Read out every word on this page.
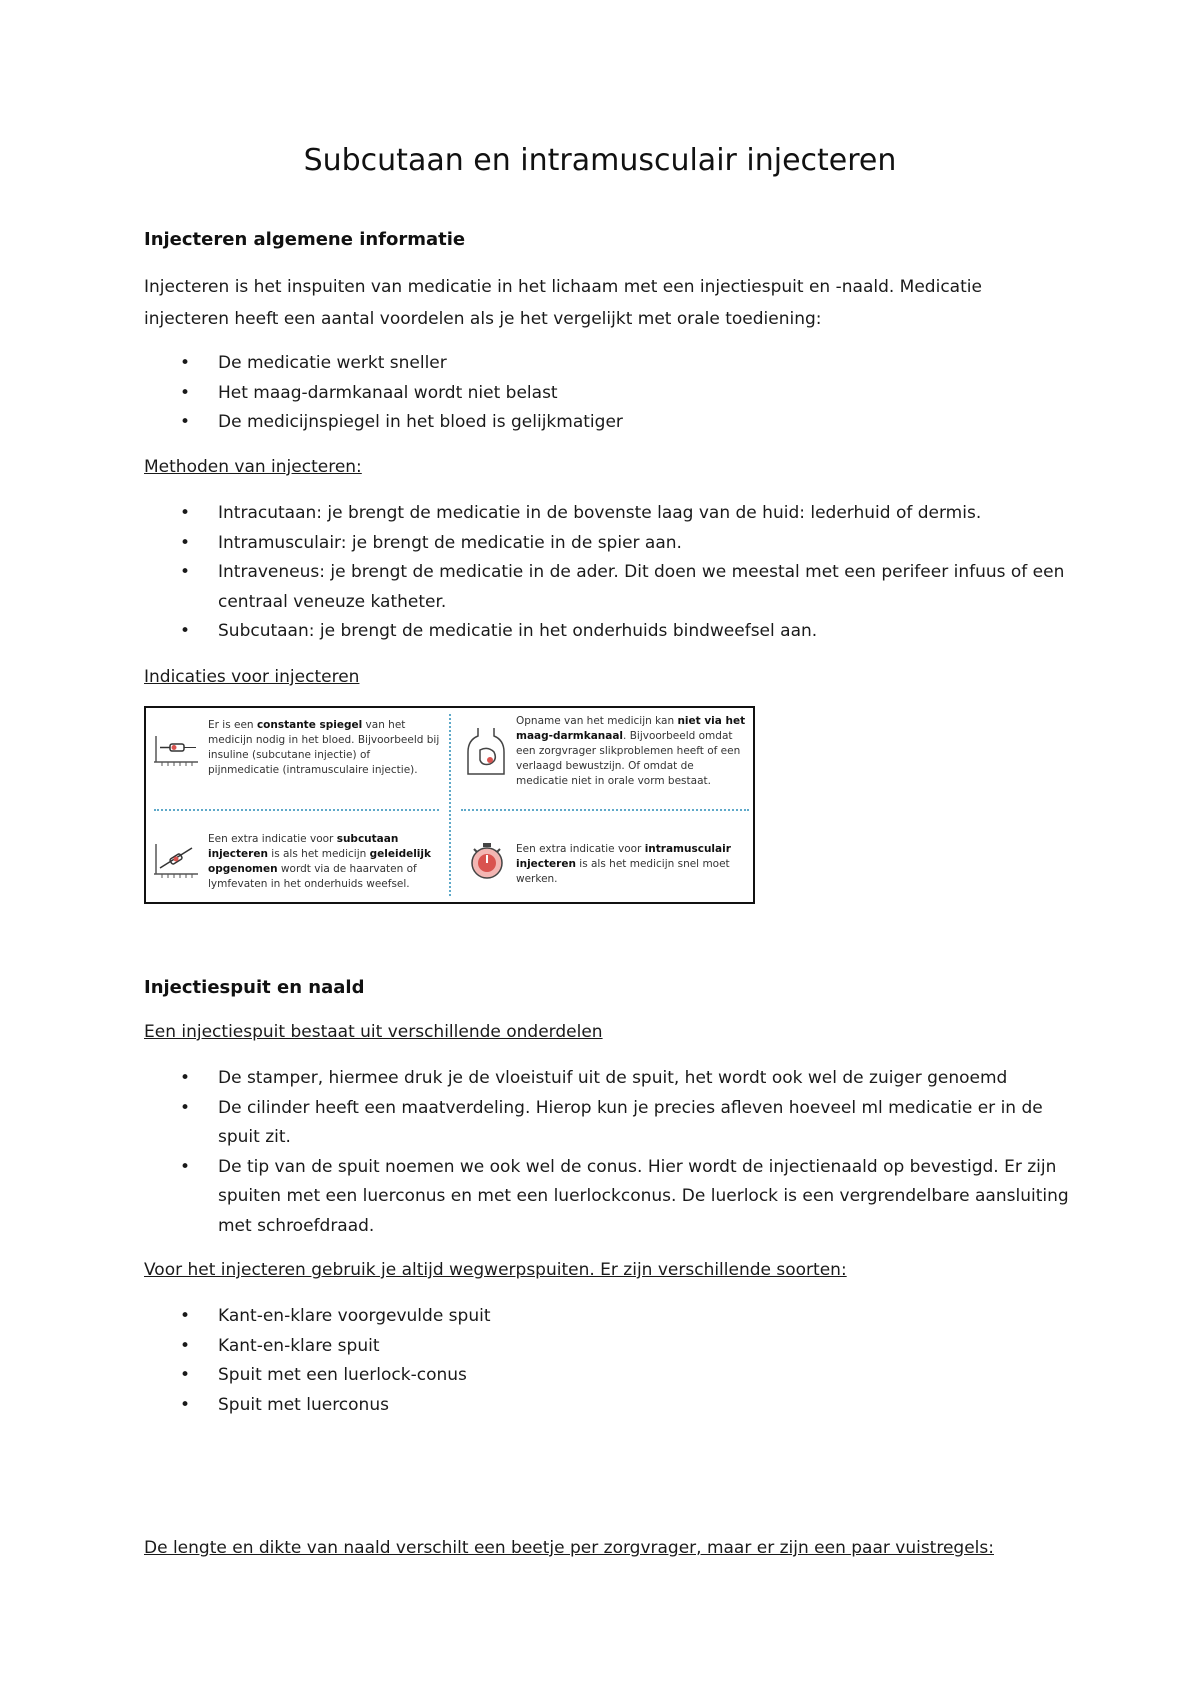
Subcutaan en intramusculair injecteren
Injecteren algemene informatie

Injecteren is het inspuiten van medicatie in het lichaam met een injectiespuit en -naald. Medicatie
injecteren heeft een aantal voordelen als je het vergelijkt met orale toediening:

• De medicatie werkt sneller
• Het maag-darmkanaal wordt niet belast
• De medicijnspiegel in het bloed is gelijkmatiger

Methoden van injecteren:

• Intracutaan: je brengt de medicatie in de bovenste laag van de huid: lederhuid of dermis.
• Intramusculair: je brengt de medicatie in de spier aan.
• Intraveneus: je brengt de medicatie in de ader. Dit doen we meestal met een perifeer infuus of een centraal veneuze katheter.
• Subcutaan: je brengt de medicatie in het onderhuids bindweefsel aan.

Indicaties voor injecteren

Er is een constante spiegel van het medicijn nodig in het bloed. Bijvoorbeeld bij insuline (subcutane injectie) of pijnmedicatie (intramusculaire injectie).
Opname van het medicijn kan niet via het maag-darmkanaal. Bijvoorbeeld omdat een zorgvrager slikproblemen heeft of een verlaagd bewustzijn. Of omdat de medicatie niet in orale vorm bestaat.
Een extra indicatie voor subcutaan injecteren is als het medicijn geleidelijk opgenomen wordt via de haarvaten of lymfevaten in het onderhuids weefsel.
Een extra indicatie voor intramusculair injecteren is als het medicijn snel moet werken.
Injectiespuit en naald

Een injectiespuit bestaat uit verschillende onderdelen

• De stamper, hiermee druk je de vloeistuif uit de spuit, het wordt ook wel de zuiger genoemd
• De cilinder heeft een maatverdeling. Hierop kun je precies afleven hoeveel ml medicatie er in de spuit zit.
• De tip van de spuit noemen we ook wel de conus. Hier wordt de injectienaald op bevestigd. Er zijn spuiten met een luerconus en met een luerlockconus. De luerlock is een vergrendelbare aansluiting met schroefdraad.

Voor het injecteren gebruik je altijd wegwerpspuiten. Er zijn verschillende soorten:

• Kant-en-klare voorgevulde spuit
• Kant-en-klare spuit
• Spuit met een luerlock-conus
• Spuit met luerconus

De lengte en dikte van naald verschilt een beetje per zorgvrager, maar er zijn een paar vuistregels:
